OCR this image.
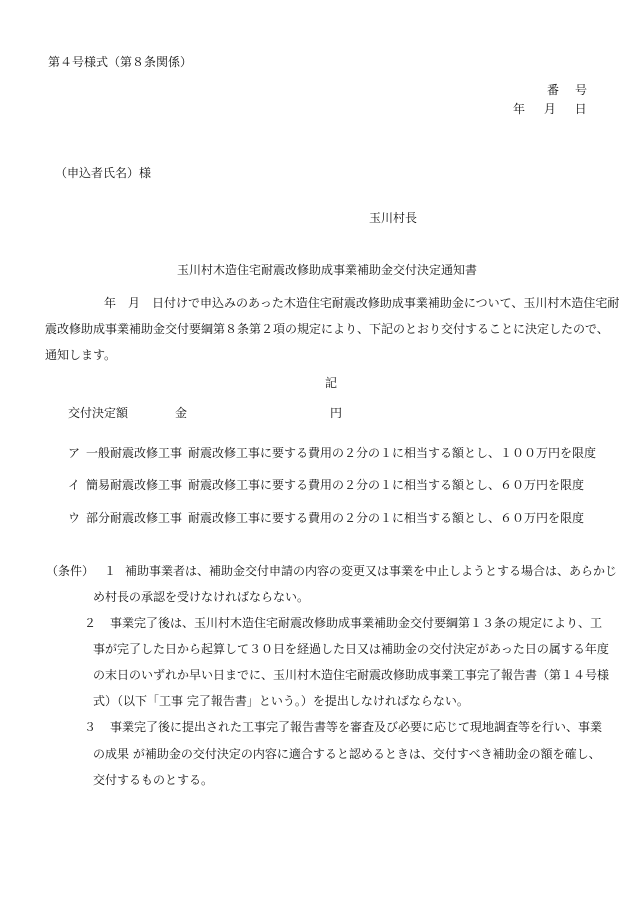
第４号様式（第８条関係）
番　号
年　 月　 日
（申込者氏名）様
玉川村長
玉川村木造住宅耐震改修助成事業補助金交付決定通知書
年　月　日付けで申込みのあった木造住宅耐震改修助成事業補助金について、玉川村木造住宅耐
震改修助成事業補助金交付要綱第８条第２項の規定により、下記のとおり交付することに決定したので、
通知します。
記
交付決定額	金	円
ア 一般耐震改修工事 耐震改修工事に要する費用の２分の１に相当する額とし、１００万円を限度
イ 簡易耐震改修工事 耐震改修工事に要する費用の２分の１に相当する額とし、６０万円を限度
ウ 部分耐震改修工事 耐震改修工事に要する費用の２分の１に相当する額とし、６０万円を限度
（条件） １ 補助事業者は、補助金交付申請の内容の変更又は事業を中止しようとする場合は、あらかじ
め村長の承認を受けなければならない。
２ 事業完了後は、玉川村木造住宅耐震改修助成事業補助金交付要綱第１３条の規定により、工
事が完了した日から起算して３０日を経過した日又は補助金の交付決定があった日の属する年度
の末日のいずれか早い日までに、玉川村木造住宅耐震改修助成事業工事完了報告書（第１４号様
式）（以下「工事 完了報告書」という。）を提出しなければならない。
３ 事業完了後に提出された工事完了報告書等を審査及び必要に応じて現地調査等を行い、事業
の成果 が補助金の交付決定の内容に適合すると認めるときは、交付すべき補助金の額を確し、
交付するものとする。
